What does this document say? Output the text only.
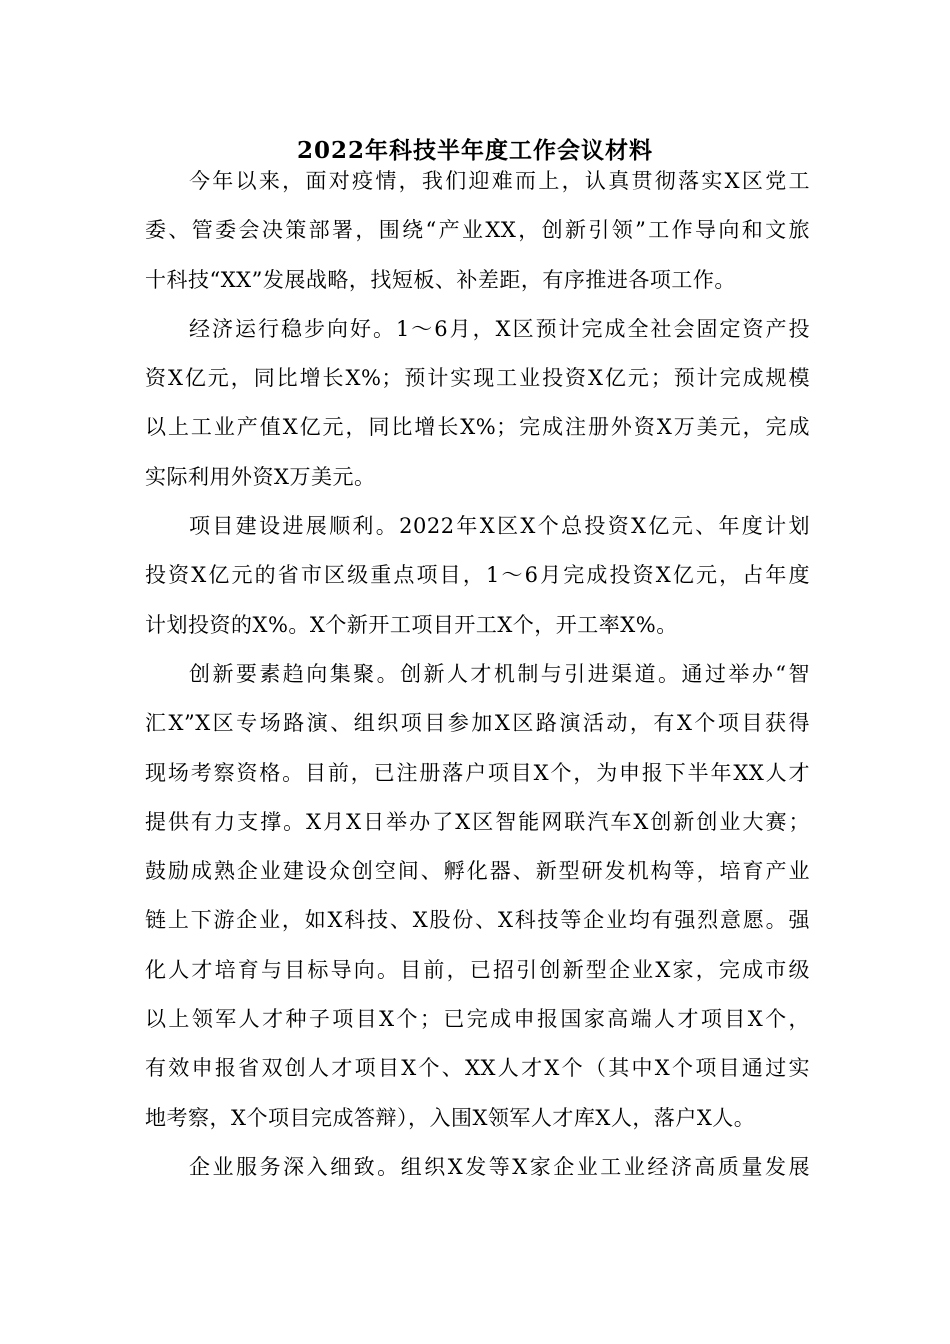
2022年科技半年度工作会议材料
今年以来，面对疫情，我们迎难而上，认真贯彻落实X区党工
委、管委会决策部署，围绕“产业XX，创新引领”工作导向和文旅
十科技“XX”发展战略，找短板、补差距，有序推进各项工作。
经济运行稳步向好。1～6月，X区预计完成全社会固定资产投
资X亿元，同比增长X%；预计实现工业投资X亿元；预计完成规模
以上工业产值X亿元，同比增长X%；完成注册外资X万美元，完成
实际利用外资X万美元。
项目建设进展顺利。2022年X区X个总投资X亿元、年度计划
投资X亿元的省市区级重点项目，1～6月完成投资X亿元，占年度
计划投资的X%。X个新开工项目开工X个，开工率X%。
创新要素趋向集聚。创新人才机制与引进渠道。通过举办“智
汇X”X区专场路演、组织项目参加X区路演活动，有X个项目获得
现场考察资格。目前，已注册落户项目X个，为申报下半年XX人才
提供有力支撑。X月X日举办了X区智能网联汽车X创新创业大赛；
鼓励成熟企业建设众创空间、孵化器、新型研发机构等，培育产业
链上下游企业，如X科技、X股份、X科技等企业均有强烈意愿。强
化人才培育与目标导向。目前，已招引创新型企业X家，完成市级
以上领军人才种子项目X个；已完成申报国家高端人才项目X个，
有效申报省双创人才项目X个、XX人才X个（其中X个项目通过实
地考察，X个项目完成答辩），入围X领军人才库X人，落户X人。
企业服务深入细致。组织X发等X家企业工业经济高质量发展
